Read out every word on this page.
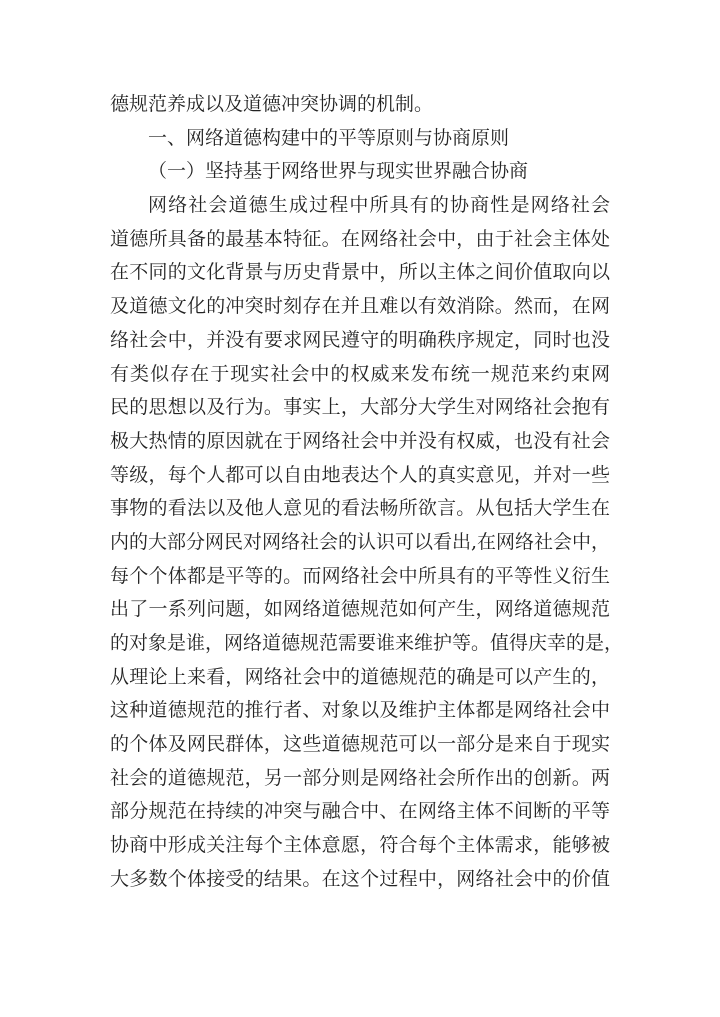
德规范养成以及道德冲突协调的机制。
一、网络道德构建中的平等原则与协商原则
（一）坚持基于网络世界与现实世界融合协商
网络社会道德生成过程中所具有的协商性是网络社会
道德所具备的最基本特征。在网络社会中，由于社会主体处
在不同的文化背景与历史背景中，所以主体之间价值取向以
及道德文化的冲突时刻存在并且难以有效消除。然而，在网
络社会中，并没有要求网民遵守的明确秩序规定，同时也没
有类似存在于现实社会中的权威来发布统一规范来约束网
民的思想以及行为。事实上，大部分大学生对网络社会抱有
极大热情的原因就在于网络社会中并没有权威，也没有社会
等级，每个人都可以自由地表达个人的真实意见，并对一些
事物的看法以及他人意见的看法畅所欲言。从包括大学生在
内的大部分网民对网络社会的认识可以看出,在网络社会中，
每个个体都是平等的。而网络社会中所具有的平等性义衍生
出了一系列问题，如网络道德规范如何产生，网络道德规范
的对象是谁，网络道德规范需要谁来维护等。值得庆幸的是，
从理论上来看，网络社会中的道德规范的确是可以产生的，
这种道德规范的推行者、对象以及维护主体都是网络社会中
的个体及网民群体，这些道德规范可以一部分是来自于现实
社会的道德规范，另一部分则是网络社会所作出的创新。两
部分规范在持续的冲突与融合中、在网络主体不间断的平等
协商中形成关注每个主体意愿，符合每个主体需求，能够被
大多数个体接受的结果。在这个过程中，网络社会中的价值
